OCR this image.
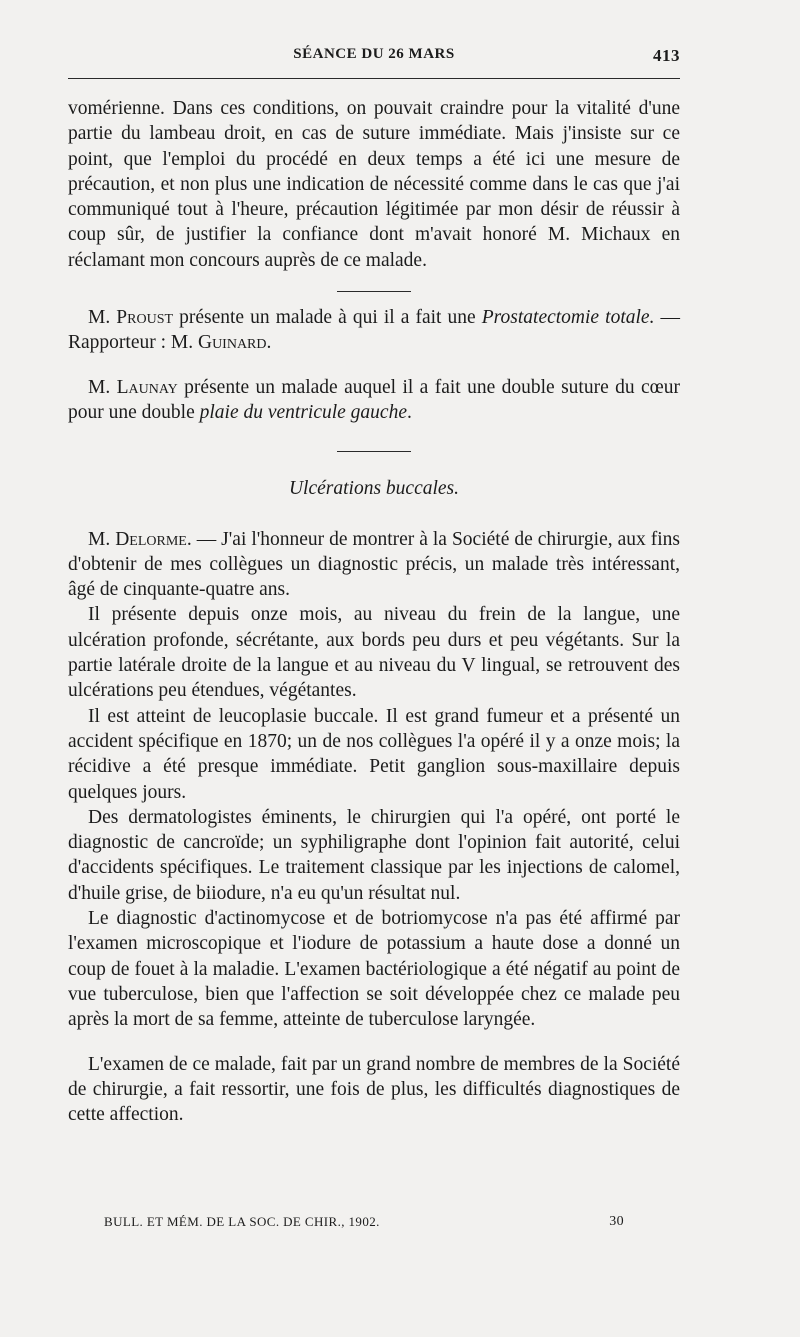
SÉANCE DU 26 MARS	413

vomérienne. Dans ces conditions, on pouvait craindre pour la vitalité d'une partie du lambeau droit, en cas de suture immédiate. Mais j'insiste sur ce point, que l'emploi du procédé en deux temps a été ici une mesure de précaution, et non plus une indication de nécessité comme dans le cas que j'ai communiqué tout à l'heure, précaution légitimée par mon désir de réussir à coup sûr, de justifier la confiance dont m'avait honoré M. Michaux en réclamant mon concours auprès de ce malade.

M. Proust présente un malade à qui il a fait une Prostatectomie totale. — Rapporteur : M. Guinard.

M. Launay présente un malade auquel il a fait une double suture du cœur pour une double plaie du ventricule gauche.

Ulcérations buccales.

M. Delorme. — J'ai l'honneur de montrer à la Société de chirurgie, aux fins d'obtenir de mes collègues un diagnostic précis, un malade très intéressant, âgé de cinquante-quatre ans.

Il présente depuis onze mois, au niveau du frein de la langue, une ulcération profonde, sécrétante, aux bords peu durs et peu végétants. Sur la partie latérale droite de la langue et au niveau du V lingual, se retrouvent des ulcérations peu étendues, végétantes.

Il est atteint de leucoplasie buccale. Il est grand fumeur et a présenté un accident spécifique en 1870; un de nos collègues l'a opéré il y a onze mois; la récidive a été presque immédiate. Petit ganglion sous-maxillaire depuis quelques jours.

Des dermatologistes éminents, le chirurgien qui l'a opéré, ont porté le diagnostic de cancroïde; un syphiligraphe dont l'opinion fait autorité, celui d'accidents spécifiques. Le traitement classique par les injections de calomel, d'huile grise, de biiodure, n'a eu qu'un résultat nul.

Le diagnostic d'actinomycose et de botriomycose n'a pas été affirmé par l'examen microscopique et l'iodure de potassium a haute dose a donné un coup de fouet à la maladie. L'examen bactériologique a été négatif au point de vue tuberculose, bien que l'affection se soit développée chez ce malade peu après la mort de sa femme, atteinte de tuberculose laryngée.

L'examen de ce malade, fait par un grand nombre de membres de la Société de chirurgie, a fait ressortir, une fois de plus, les difficultés diagnostiques de cette affection.

BULL. ET MÉM. DE LA SOC. DE CHIR., 1902.	30
